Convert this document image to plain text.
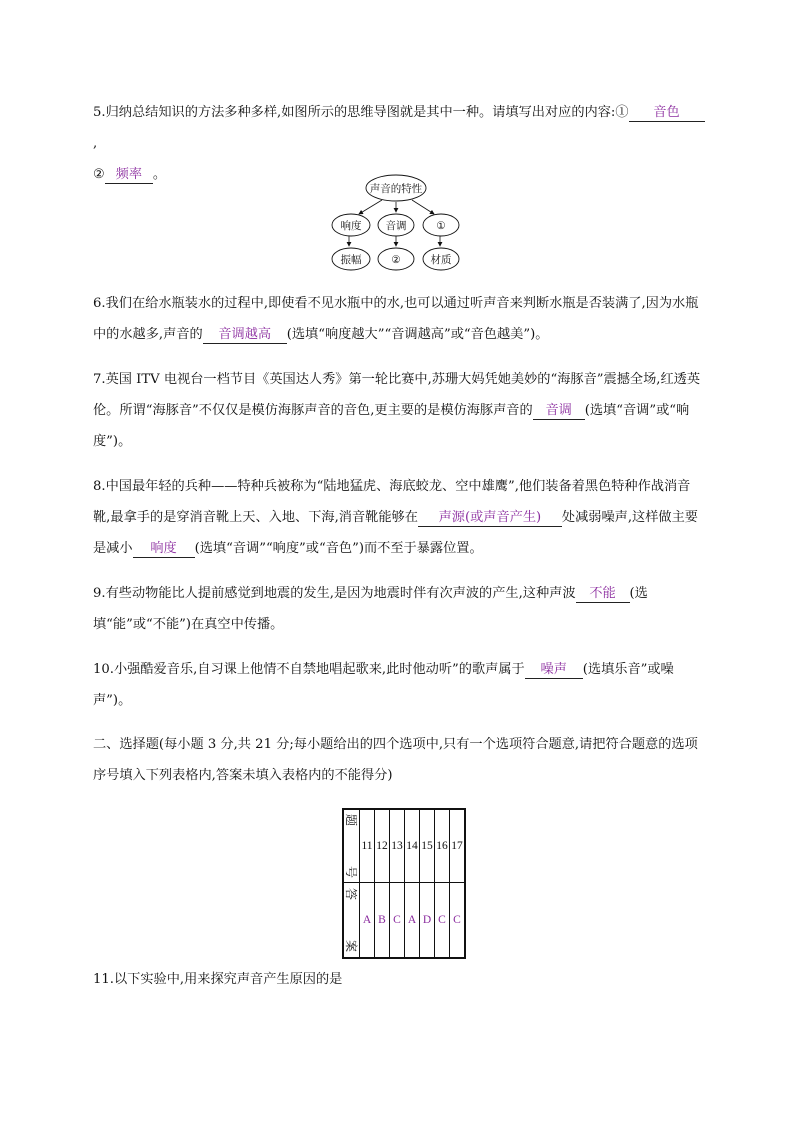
5.归纳总结知识的方法多种多样,如图所示的思维导图就是其中一种。请填写出对应的内容:① 音色,
② 频率 。

声音的特性
响度 音调	①
振幅	②	材质

6.我们在给水瓶装水的过程中,即使看不见水瓶中的水,也可以通过听声音来判断水瓶是否装满了,因为水瓶中的水越多,声音的 音调越高 (选填“响度越大”“音调越高”或“音色越美”)。

7.英国 ITV 电视台一档节目《英国达人秀》第一轮比赛中,苏珊大妈凭她美妙的“海豚音”震撼全场,红透英伦。所谓“海豚音”不仅仅是模仿海豚声音的音色,更主要的是模仿海豚声音的 音调 (选填“音调”或“响度”)。

8.中国最年轻的兵种——特种兵被称为“陆地猛虎、海底蛟龙、空中雄鹰”,他们装备着黑色特种作战消音靴,最拿手的是穿消音靴上天、入地、下海,消音靴能够在 声源(或声音产生) 处减弱噪声,这样做主要是减小 响度 (选填“音调”“响度”或“音色”)而不至于暴露位置。

9.有些动物能比人提前感觉到地震的发生,是因为地震时伴有次声波的产生,这种声波 不能 (选填“能”或“不能”)在真空中传播。

10.小强酷爱音乐,自习课上他情不自禁地唱起歌来,此时他动听”的歌声属于 噪声 (选填乐音”或噪声”)。

二、选择题(每小题 3 分,共 21 分;每小题给出的四个选项中,只有一个选项符合题意,请把符合题意的选项序号填入下列表格内,答案未填入表格内的不能得分)

题
号	11	12	13	14	15	16	17

答
案	A	B	C	A	D	C	C

11.以下实验中,用来探究声音产生原因的是
